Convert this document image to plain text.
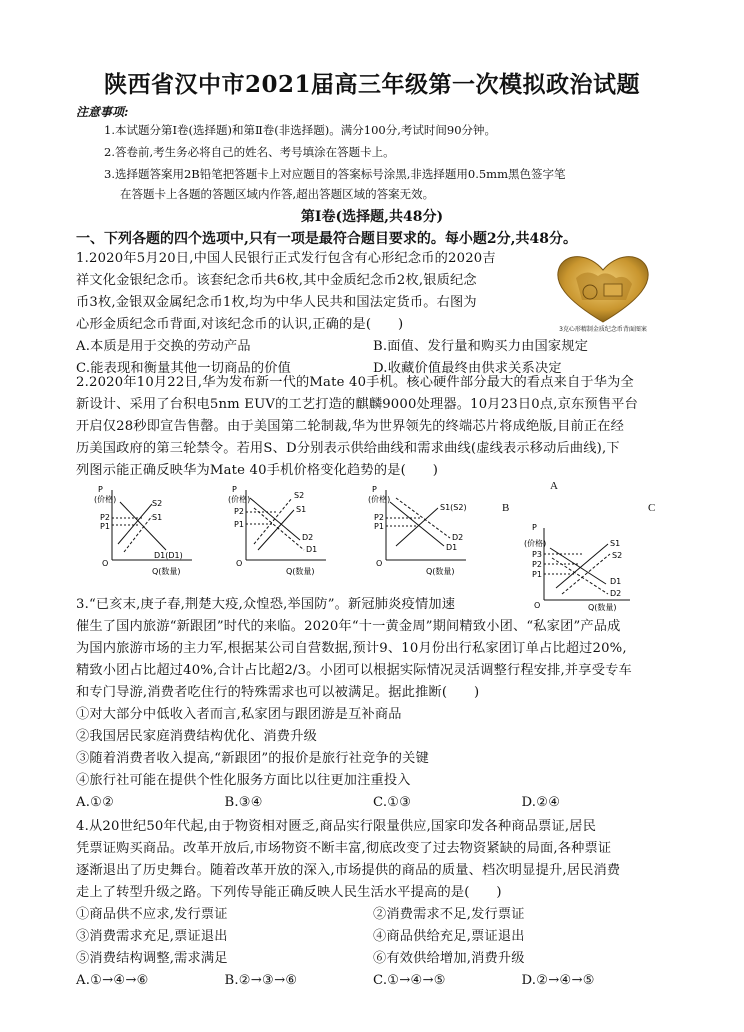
陕西省汉中市2021届高三年级第一次模拟政治试题
注意事项:
1.本试题分第Ⅰ卷(选择题)和第Ⅱ卷(非选择题)。满分100分,考试时间90分钟。
2.答卷前,考生务必将自己的姓名、考号填涂在答题卡上。
3.选择题答案用2B铅笔把答题卡上对应题目的答案标号涂黑,非选择题用0.5mm黑色签字笔
在答题卡上各题的答题区域内作答,超出答题区域的答案无效。
第Ⅰ卷(选择题,共48分)
一、下列各题的四个选项中,只有一项是最符合题目要求的。每小题2分,共48分。
1.2020年5月20日,中国人民银行正式发行包含有心形纪念币的2020吉
祥文化金银纪念币。该套纪念币共6枚,其中金质纪念币2枚,银质纪念
币3枚,金银双金属纪念币1枚,均为中华人民共和国法定货币。右图为
心形金质纪念币背面,对该纪念币的认识,正确的是(　　)
A.本质是用于交换的劳动产品	B.面值、发行量和购买力由国家规定
C.能表现和衡量其他一切商品的价值	D.收藏价值最终由供求关系决定
3克心形精制金质纪念币背面图案
2.2020年10月22日,华为发布新一代的Mate 40手机。核心硬件部分最大的看点来自于华为全
新设计、采用了台积电5nm EUV的工艺打造的麒麟9000处理器。10月23日0点,京东预售平台
开启仅28秒即宣告售罄。由于美国第二轮制裁,华为世界领先的终端芯片将成绝版,目前正在经
历美国政府的第三轮禁令。若用S、D分别表示供给曲线和需求曲线(虚线表示移动后曲线),下
列图示能正确反映华为Mate 40手机价格变化趋势的是(　　)
P
(价格)
P2
P1
S2
S1
D1(D1)
O
Q(数量)
P
(价格)
P2
P1
S2
S1
D2
D1
O
Q(数量)
P
(价格)
P2
P1
S1(S2)
D2
D1
O
Q(数量)
P
(价格)
P3
P2
P1
S1
S2
D1
D2
O	Q(数量)
A
B	C
3.“已亥末,庚子春,荆楚大疫,众惶恐,举国防”。新冠肺炎疫情加速
催生了国内旅游“新跟团”时代的来临。2020年“十一黄金周”期间精致小团、“私家团”产品成
为国内旅游市场的主力军,根据某公司自营数据,预计9、10月份出行私家团订单占比超过20%,
精致小团占比超过40%,合计占比超2/3。小团可以根据实际情况灵活调整行程安排,并享受专车
和专门导游,消费者吃住行的特殊需求也可以被满足。据此推断(　　)
①对大部分中低收入者而言,私家团与跟团游是互补商品
②我国居民家庭消费结构优化、消费升级
③随着消费者收入提高,“新跟团”的报价是旅行社竞争的关键
④旅行社可能在提供个性化服务方面比以往更加注重投入
A.①②	B.③④	C.①③	D.②④
4.从20世纪50年代起,由于物资相对匮乏,商品实行限量供应,国家印发各种商品票证,居民
凭票证购买商品。改革开放后,市场物资不断丰富,彻底改变了过去物资紧缺的局面,各种票证
逐渐退出了历史舞台。随着改革开放的深入,市场提供的商品的质量、档次明显提升,居民消费
走上了转型升级之路。下列传导能正确反映人民生活水平提高的是(　　)
①商品供不应求,发行票证	②消费需求不足,发行票证
③消费需求充足,票证退出	④商品供给充足,票证退出
⑤消费结构调整,需求满足	⑥有效供给增加,消费升级
A.①→④→⑥	B.②→③→⑥	C.①→④→⑤	D.②→④→⑤
